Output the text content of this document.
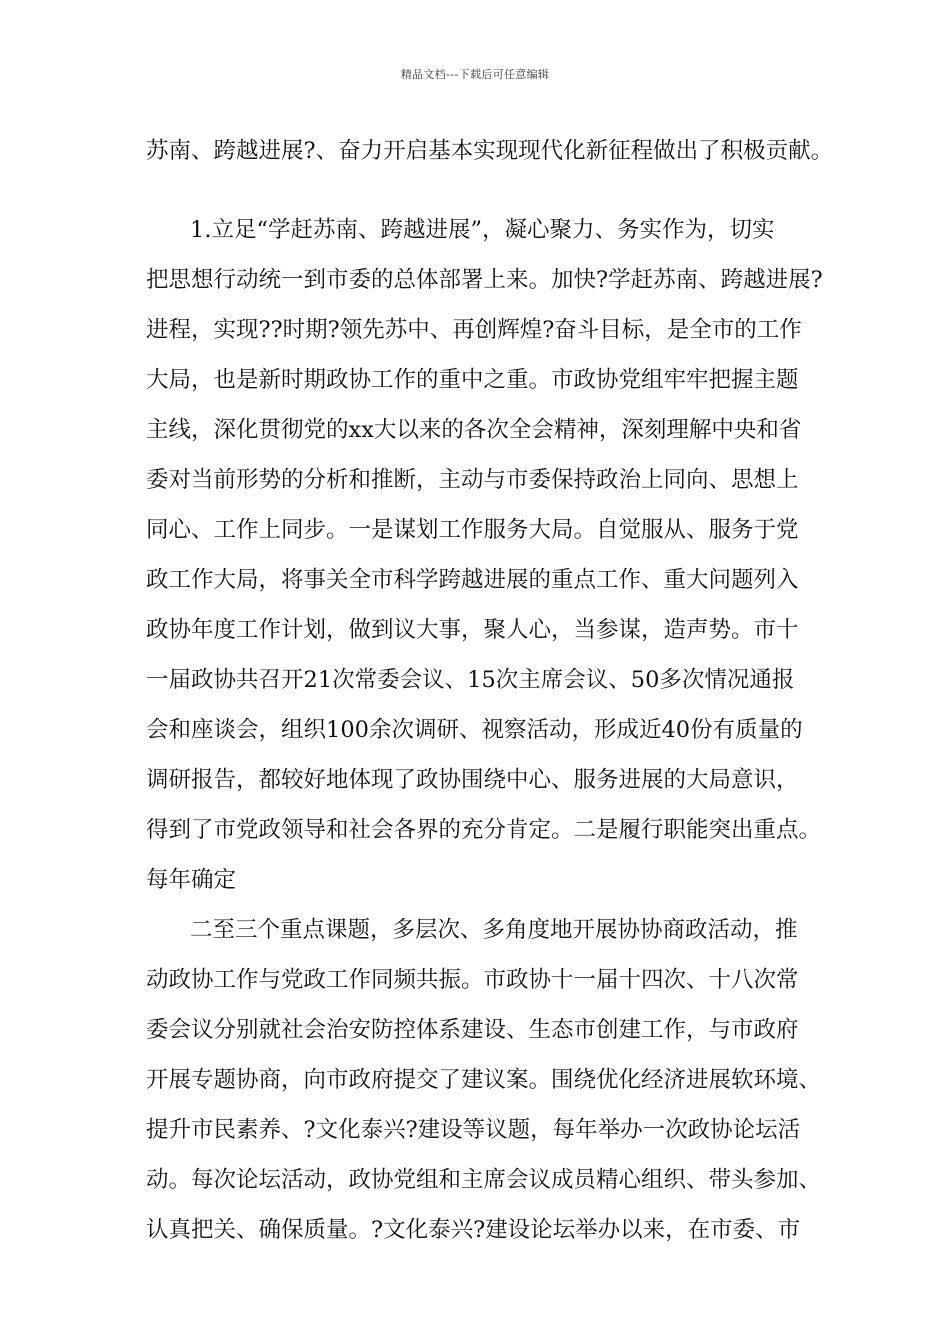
精品文档---下载后可任意编辑
苏南、跨越进展?、奋力开启基本实现现代化新征程做出了积极贡献。
1.立足“学赶苏南、跨越进展”，凝心聚力、务实作为，切实
把思想行动统一到市委的总体部署上来。加快?学赶苏南、跨越进展?
进程，实现??时期?领先苏中、再创辉煌?奋斗目标，是全市的工作
大局，也是新时期政协工作的重中之重。市政协党组牢牢把握主题
主线，深化贯彻党的xx大以来的各次全会精神，深刻理解中央和省
委对当前形势的分析和推断，主动与市委保持政治上同向、思想上
同心、工作上同步。一是谋划工作服务大局。自觉服从、服务于党
政工作大局，将事关全市科学跨越进展的重点工作、重大问题列入
政协年度工作计划，做到议大事，聚人心，当参谋，造声势。市十
一届政协共召开21次常委会议、15次主席会议、50多次情况通报
会和座谈会，组织100余次调研、视察活动，形成近40份有质量的
调研报告，都较好地体现了政协围绕中心、服务进展的大局意识，
得到了市党政领导和社会各界的充分肯定。二是履行职能突出重点。
每年确定
二至三个重点课题，多层次、多角度地开展协协商政活动，推
动政协工作与党政工作同频共振。市政协十一届十四次、十八次常
委会议分别就社会治安防控体系建设、生态市创建工作，与市政府
开展专题协商，向市政府提交了建议案。围绕优化经济进展软环境、
提升市民素养、?文化泰兴?建设等议题，每年举办一次政协论坛活
动。每次论坛活动，政协党组和主席会议成员精心组织、带头参加、
认真把关、确保质量。?文化泰兴?建设论坛举办以来，在市委、市
